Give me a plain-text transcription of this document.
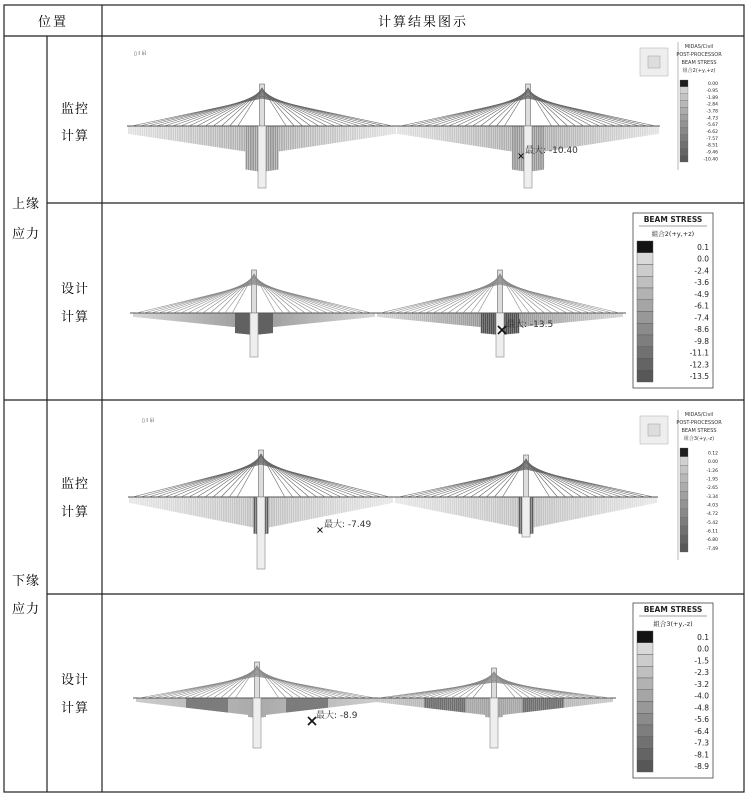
位置	计算结果图示
上缘
应力
下缘
应力
监控
计算
设计
计算
监控
计算
设计
计算
▯ I 吊
最大: -10.40
MIDAS/Civil
POST-PROCESSOR
BEAM STRESS
組合2(+y,+z)
0.00
-0.95
-1.89
-2.84
-3.78
-4.73
-5.67
-6.62
-7.57
-8.51
-9.46
-10.40
最大: -13.5
BEAM STRESS
組合2(+y,+z)
0.1
0.0
-2.4
-3.6
-4.9
-6.1
-7.4
-8.6
-9.8
-11.1
-12.3
-13.5
▯ I 吊
最大: -7.49
MIDAS/Civil
POST-PROCESSOR
BEAM STRESS
組合3(+y,-z)
0.12
0.00
-1.26
-1.95
-2.65
-3.34
-4.03
-4.72
-5.42
-6.11
-6.80
-7.49
最大: -8.9
BEAM STRESS
組合3(+y,-z)
0.1
0.0
-1.5
-2.3
-3.2
-4.0
-4.8
-5.6
-6.4
-7.3
-8.1
-8.9
